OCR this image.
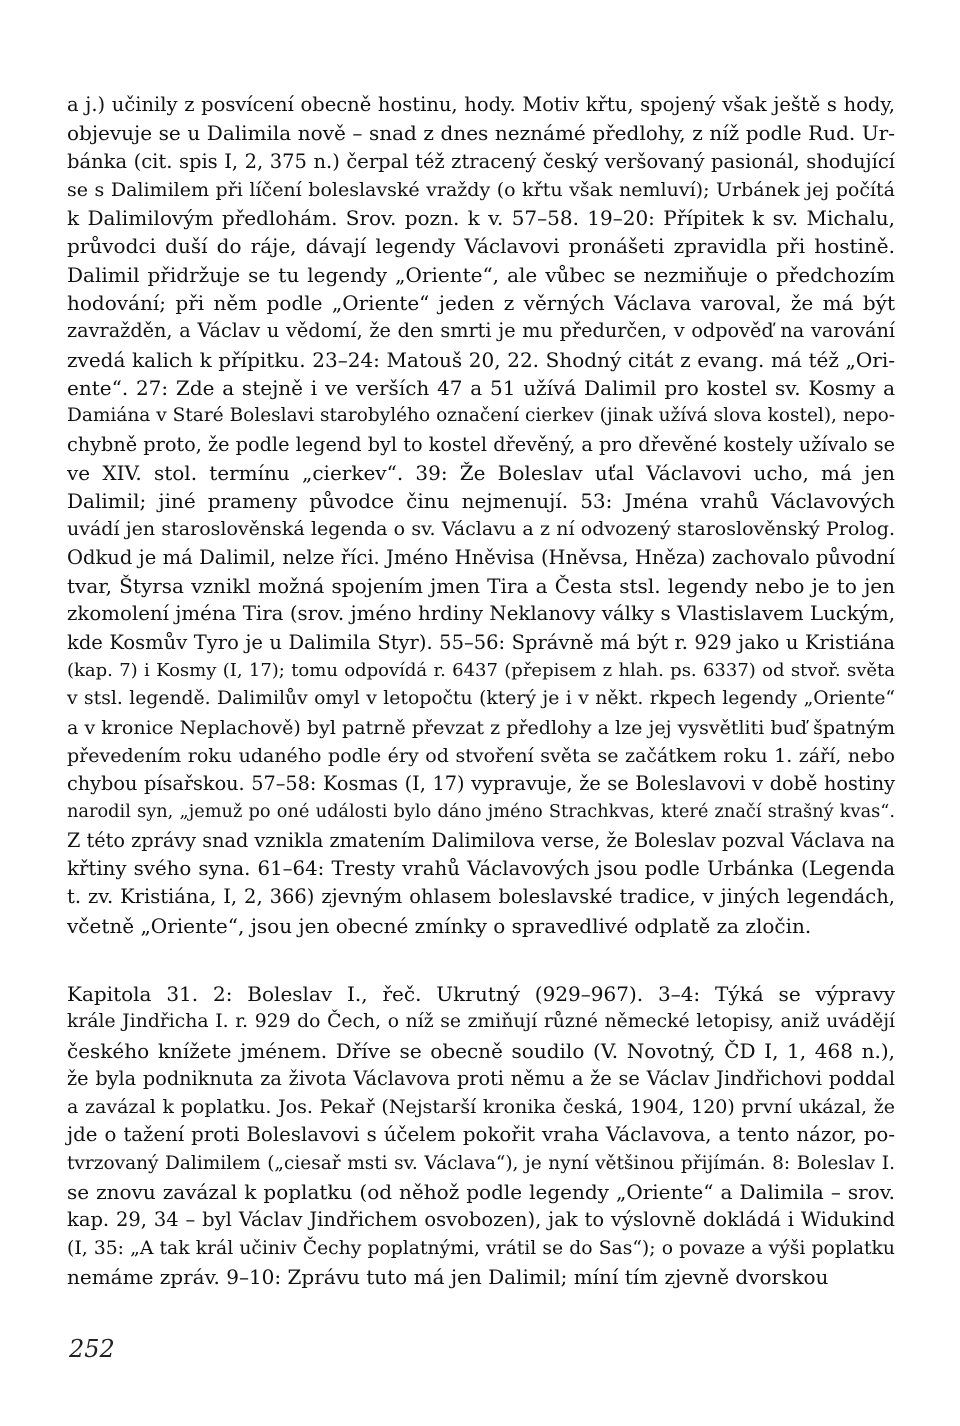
a j.) učinily z posvícení obecně hostinu, hody. Motiv křtu, spojený však ještě s hody,
objevuje se u Dalimila nově – snad z dnes neznámé předlohy, z níž podle Rud. Ur-
bánka (cit. spis I, 2, 375 n.) čerpal též ztracený český veršovaný pasionál, shodující
se s Dalimilem při líčení boleslavské vraždy (o křtu však nemluví); Urbánek jej počítá
k Dalimilovým předlohám. Srov. pozn. k v. 57–58. 19–20: Přípitek k sv. Michalu,
průvodci duší do ráje, dávají legendy Václavovi pronášeti zpravidla při hostině.
Dalimil přidržuje se tu legendy „Oriente“, ale vůbec se nezmiňuje o předchozím
hodování; při něm podle „Oriente“ jeden z věrných Václava varoval, že má být
zavražděn, a Václav u vědomí, že den smrti je mu předurčen, v odpověď na varování
zvedá kalich k přípitku. 23–24: Matouš 20, 22. Shodný citát z evang. má též „Ori-
ente“. 27: Zde a stejně i ve verších 47 a 51 užívá Dalimil pro kostel sv. Kosmy a
Damiána v Staré Boleslavi starobylého označení cierkev (jinak užívá slova kostel), nepo-
chybně proto, že podle legend byl to kostel dřevěný, a pro dřevěné kostely užívalo se
ve XIV. stol. termínu „cierkev“. 39: Že Boleslav uťal Václavovi ucho, má jen
Dalimil; jiné prameny původce činu nejmenují. 53: Jména vrahů Václavových
uvádí jen staroslověnská legenda o sv. Václavu a z ní odvozený staroslověnský Prolog.
Odkud je má Dalimil, nelze říci. Jméno Hněvisa (Hněvsa, Hněza) zachovalo původní
tvar, Štyrsa vznikl možná spojením jmen Tira a Česta stsl. legendy nebo je to jen
zkomolení jména Tira (srov. jméno hrdiny Neklanovy války s Vlastislavem Luckým,
kde Kosmův Tyro je u Dalimila Styr). 55–56: Správně má být r. 929 jako u Kristiána
(kap. 7) i Kosmy (I, 17); tomu odpovídá r. 6437 (přepisem z hlah. ps. 6337) od stvoř. světa
v stsl. legendě. Dalimilův omyl v letopočtu (který je i v někt. rkpech legendy „Oriente“
a v kronice Neplachově) byl patrně převzat z předlohy a lze jej vysvětliti buď špatným
převedením roku udaného podle éry od stvoření světa se začátkem roku 1. září, nebo
chybou písařskou. 57–58: Kosmas (I, 17) vypravuje, že se Boleslavovi v době hostiny
narodil syn, „jemuž po oné události bylo dáno jméno Strachkvas, které značí strašný kvas“.
Z této zprávy snad vznikla zmatením Dalimilova verse, že Boleslav pozval Václava na
křtiny svého syna. 61–64: Tresty vrahů Václavových jsou podle Urbánka (Legenda
t. zv. Kristiána, I, 2, 366) zjevným ohlasem boleslavské tradice, v jiných legendách,
včetně „Oriente“, jsou jen obecné zmínky o spravedlivé odplatě za zločin.
Kapitola 31. 2: Boleslav I., řeč. Ukrutný (929–967). 3–4: Týká se výpravy
krále Jindřicha I. r. 929 do Čech, o níž se zmiňují různé německé letopisy, aniž uvádějí
českého knížete jménem. Dříve se obecně soudilo (V. Novotný, ČD I, 1, 468 n.),
že byla podniknuta za života Václavova proti němu a že se Václav Jindřichovi poddal
a zavázal k poplatku. Jos. Pekař (Nejstarší kronika česká, 1904, 120) první ukázal, že
jde o tažení proti Boleslavovi s účelem pokořit vraha Václavova, a tento názor, po-
tvrzovaný Dalimilem („ciesař msti sv. Václava“), je nyní většinou přijímán. 8: Boleslav I.
se znovu zavázal k poplatku (od něhož podle legendy „Oriente“ a Dalimila – srov.
kap. 29, 34 – byl Václav Jindřichem osvobozen), jak to výslovně dokládá i Widukind
(I, 35: „A tak král učiniv Čechy poplatnými, vrátil se do Sas“); o povaze a výši poplatku
nemáme zpráv. 9–10: Zprávu tuto má jen Dalimil; míní tím zjevně dvorskou
252
